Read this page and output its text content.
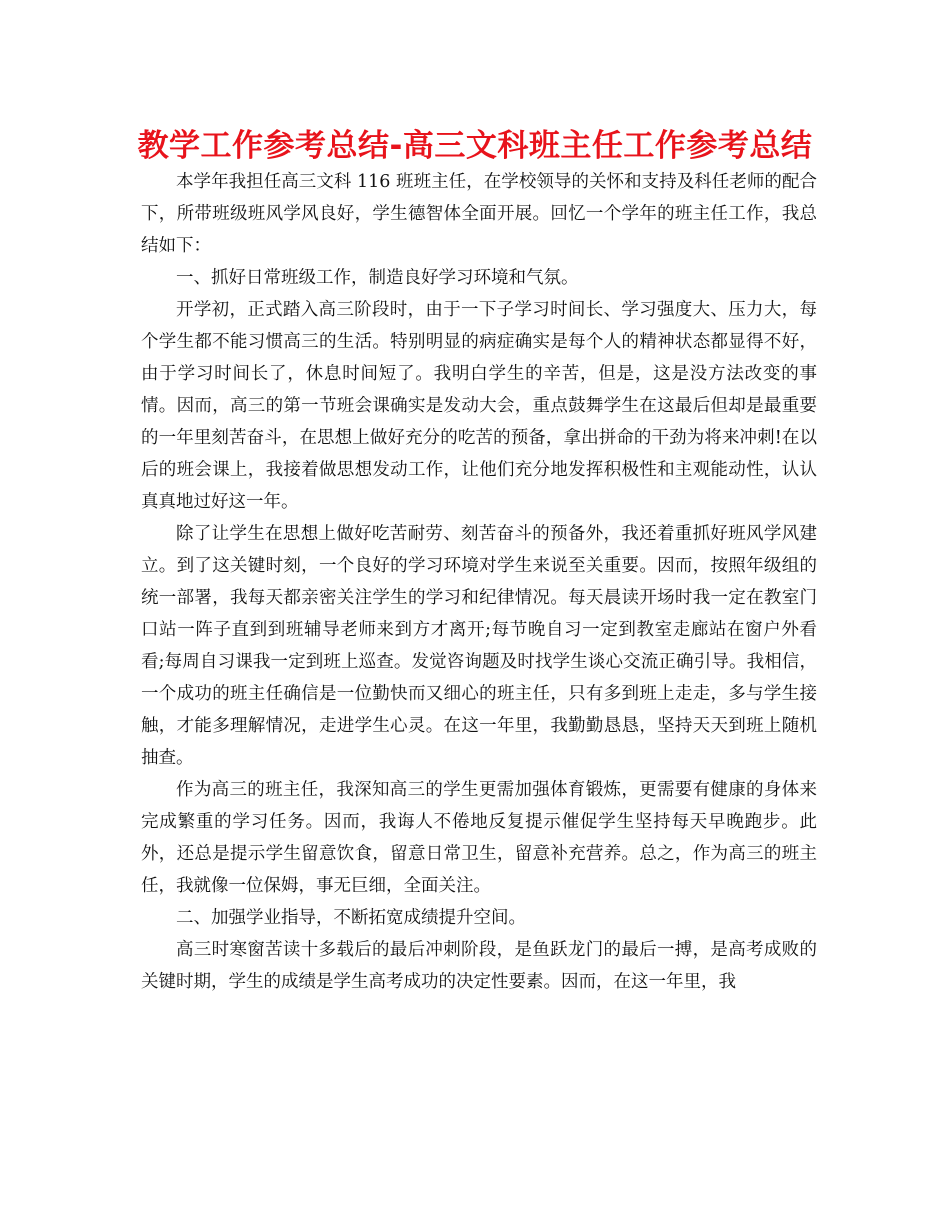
教学工作参考总结-高三文科班主任工作参考总结

本学年我担任高三文科 116 班班主任，在学校领导的关怀和支持及科任老师的配合下，所带班级班风学风良好，学生德智体全面开展。回忆一个学年的班主任工作，我总结如下：

一、抓好日常班级工作，制造良好学习环境和气氛。

开学初，正式踏入高三阶段时，由于一下子学习时间长、学习强度大、压力大，每个学生都不能习惯高三的生活。特别明显的病症确实是每个人的精神状态都显得不好，由于学习时间长了，休息时间短了。我明白学生的辛苦，但是，这是没方法改变的事情。因而，高三的第一节班会课确实是发动大会，重点鼓舞学生在这最后但却是最重要的一年里刻苦奋斗，在思想上做好充分的吃苦的预备，拿出拼命的干劲为将来冲刺!在以后的班会课上，我接着做思想发动工作，让他们充分地发挥积极性和主观能动性，认认真真地过好这一年。

除了让学生在思想上做好吃苦耐劳、刻苦奋斗的预备外，我还着重抓好班风学风建立。到了这关键时刻，一个良好的学习环境对学生来说至关重要。因而，按照年级组的统一部署，我每天都亲密关注学生的学习和纪律情况。每天晨读开场时我一定在教室门口站一阵子直到到班辅导老师来到方才离开;每节晚自习一定到教室走廊站在窗户外看看;每周自习课我一定到班上巡查。发觉咨询题及时找学生谈心交流正确引导。我相信，一个成功的班主任确信是一位勤快而又细心的班主任，只有多到班上走走，多与学生接触，才能多理解情况，走进学生心灵。在这一年里，我勤勤恳恳，坚持天天到班上随机抽查。

作为高三的班主任，我深知高三的学生更需加强体育锻炼，更需要有健康的身体来完成繁重的学习任务。因而，我诲人不倦地反复提示催促学生坚持每天早晚跑步。此外，还总是提示学生留意饮食，留意日常卫生，留意补充营养。总之，作为高三的班主任，我就像一位保姆，事无巨细，全面关注。

二、加强学业指导，不断拓宽成绩提升空间。

高三时寒窗苦读十多载后的最后冲刺阶段，是鱼跃龙门的最后一搏，是高考成败的关键时期，学生的成绩是学生高考成功的决定性要素。因而，在这一年里，我
